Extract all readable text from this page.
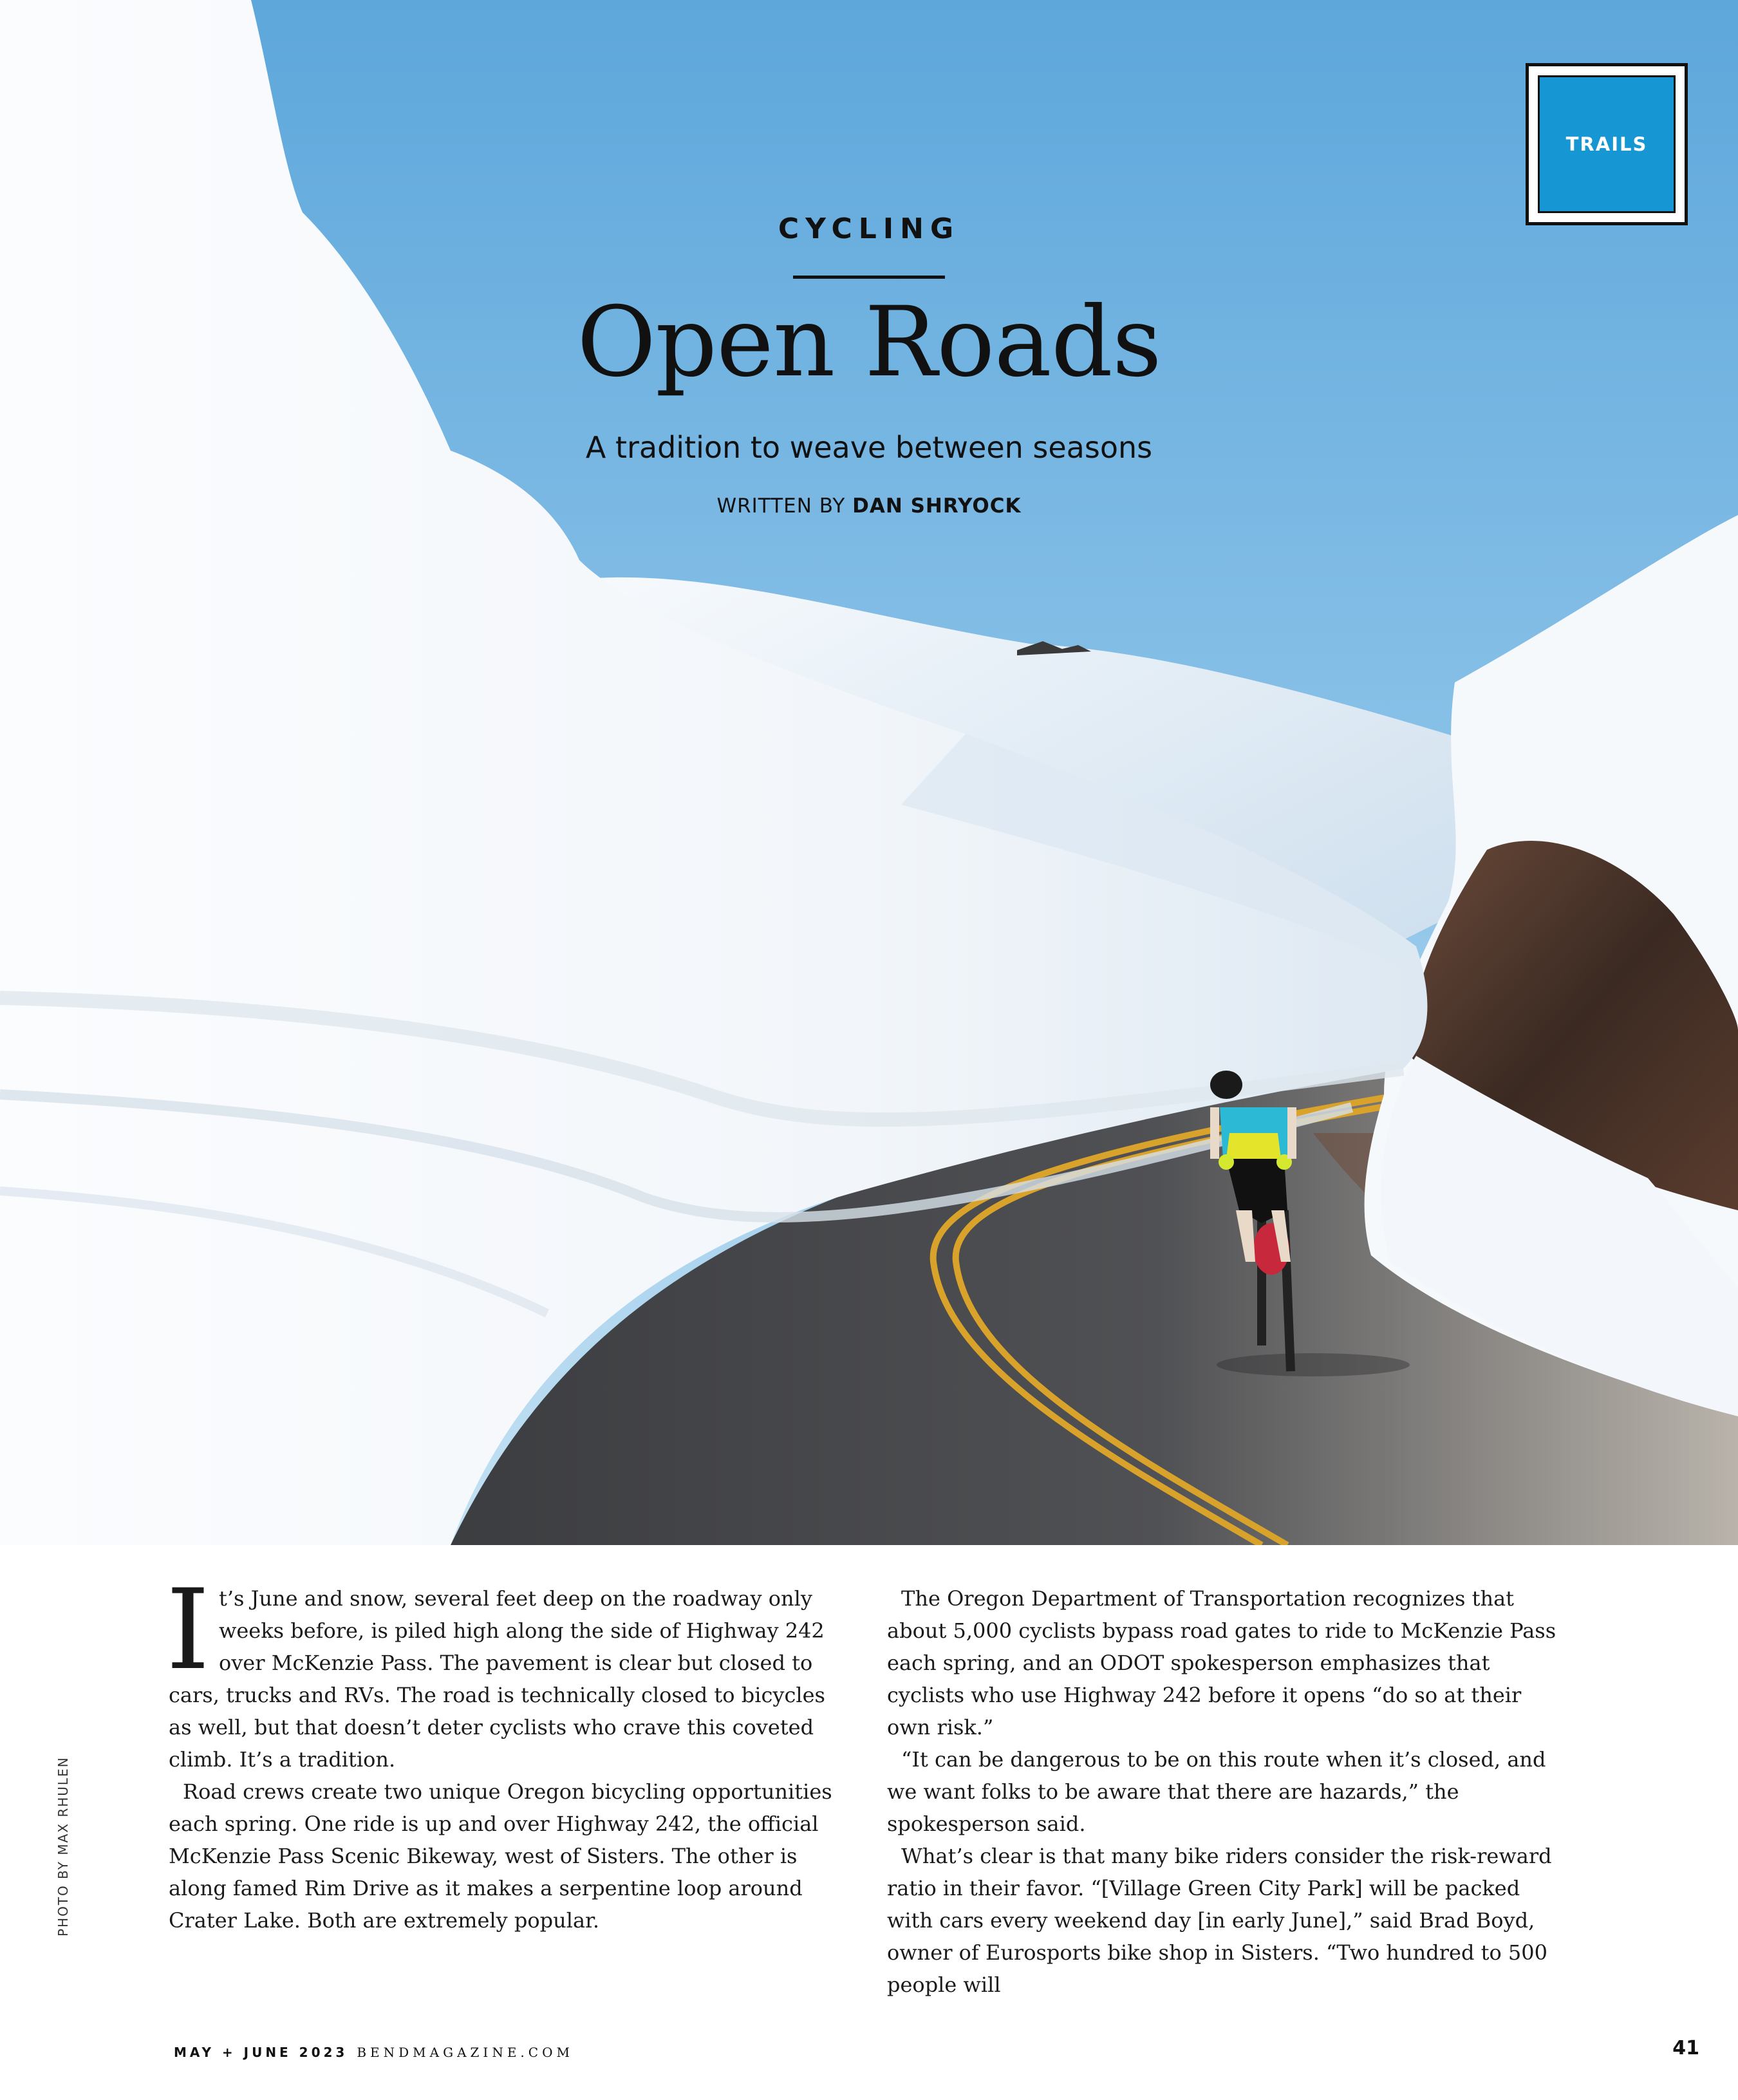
TRAILS
CYCLING
Open Roads
A tradition to weave between seasons
WRITTEN BY DAN SHRYOCK
PHOTO BY MAX RHULEN

It’s June and snow, several feet deep on the roadway only weeks before, is piled high along the side of Highway 242 over McKenzie Pass. The pavement is clear but closed to cars, trucks and RVs. The road is technically closed to bicycles as well, but that doesn’t deter cyclists who crave this coveted climb. It’s a tradition.

Road crews create two unique Oregon bicycling opportunities each spring. One ride is up and over Highway 242, the official McKenzie Pass Scenic Bikeway, west of Sisters. The other is along famed Rim Drive as it makes a serpentine loop around Crater Lake. Both are extremely popular.

The Oregon Department of Transportation recognizes that about 5,000 cyclists bypass road gates to ride to McKenzie Pass each spring, and an ODOT spokesperson emphasizes that cyclists who use Highway 242 before it opens “do so at their own risk.”

“It can be dangerous to be on this route when it’s closed, and we want folks to be aware that there are hazards,” the spokesperson said.

What’s clear is that many bike riders consider the risk-reward ratio in their favor. “[Village Green City Park] will be packed with cars every weekend day [in early June],” said Brad Boyd, owner of Eurosports bike shop in Sisters. “Two hundred to 500 people will

MAY + JUNE 2023 BENDMAGAZINE.COM	41
